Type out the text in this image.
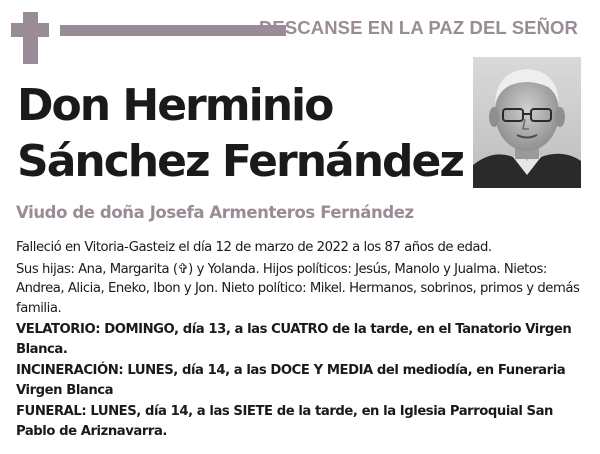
DESCANSE EN LA PAZ DEL SEÑOR
Don Herminio
Sánchez Fernández
Viudo de doña Josefa Armenteros Fernández

Falleció en Vitoria-Gasteiz el día 12 de marzo de 2022 a los 87 años de edad.

Sus hijas: Ana, Margarita (✞) y Yolanda. Hijos políticos: Jesús, Manolo y Jualma. Nietos: Andrea, Alicia, Eneko, Ibon y Jon. Nieto político: Mikel. Hermanos, sobrinos, primos y demás familia.

VELATORIO: DOMINGO, día 13, a las CUATRO de la tarde, en el Tanatorio Virgen Blanca.

INCINERACIÓN: LUNES, día 14, a las DOCE Y MEDIA del mediodía, en Funeraria Virgen Blanca

FUNERAL: LUNES, día 14, a las SIETE de la tarde, en la Iglesia Parroquial San Pablo de Ariznavarra.
